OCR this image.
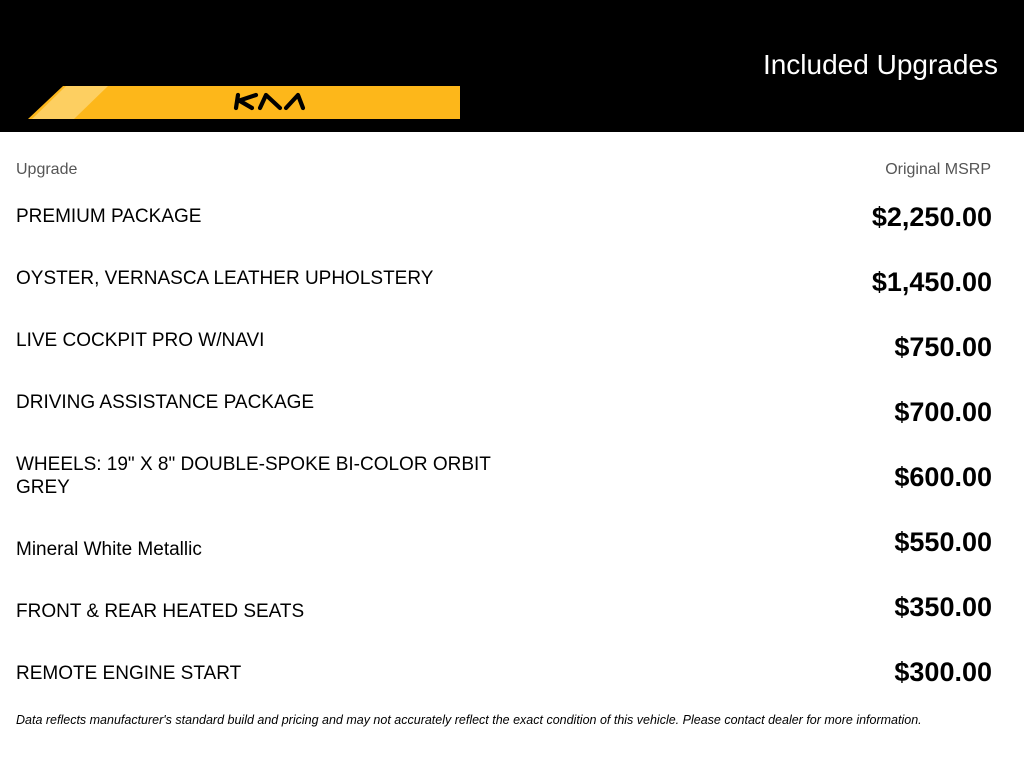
Included Upgrades
Upgrade	Original MSRP
PREMIUM PACKAGE	$2,250.00
OYSTER, VERNASCA LEATHER UPHOLSTERY	$1,450.00
LIVE COCKPIT PRO W/NAVI	$750.00
DRIVING ASSISTANCE PACKAGE	$700.00
WHEELS: 19" X 8" DOUBLE-SPOKE BI-COLOR ORBIT GREY	$600.00
Mineral White Metallic	$550.00
FRONT & REAR HEATED SEATS	$350.00
REMOTE ENGINE START	$300.00
Data reflects manufacturer's standard build and pricing and may not accurately reflect the exact condition of this vehicle. Please contact dealer for more information.
